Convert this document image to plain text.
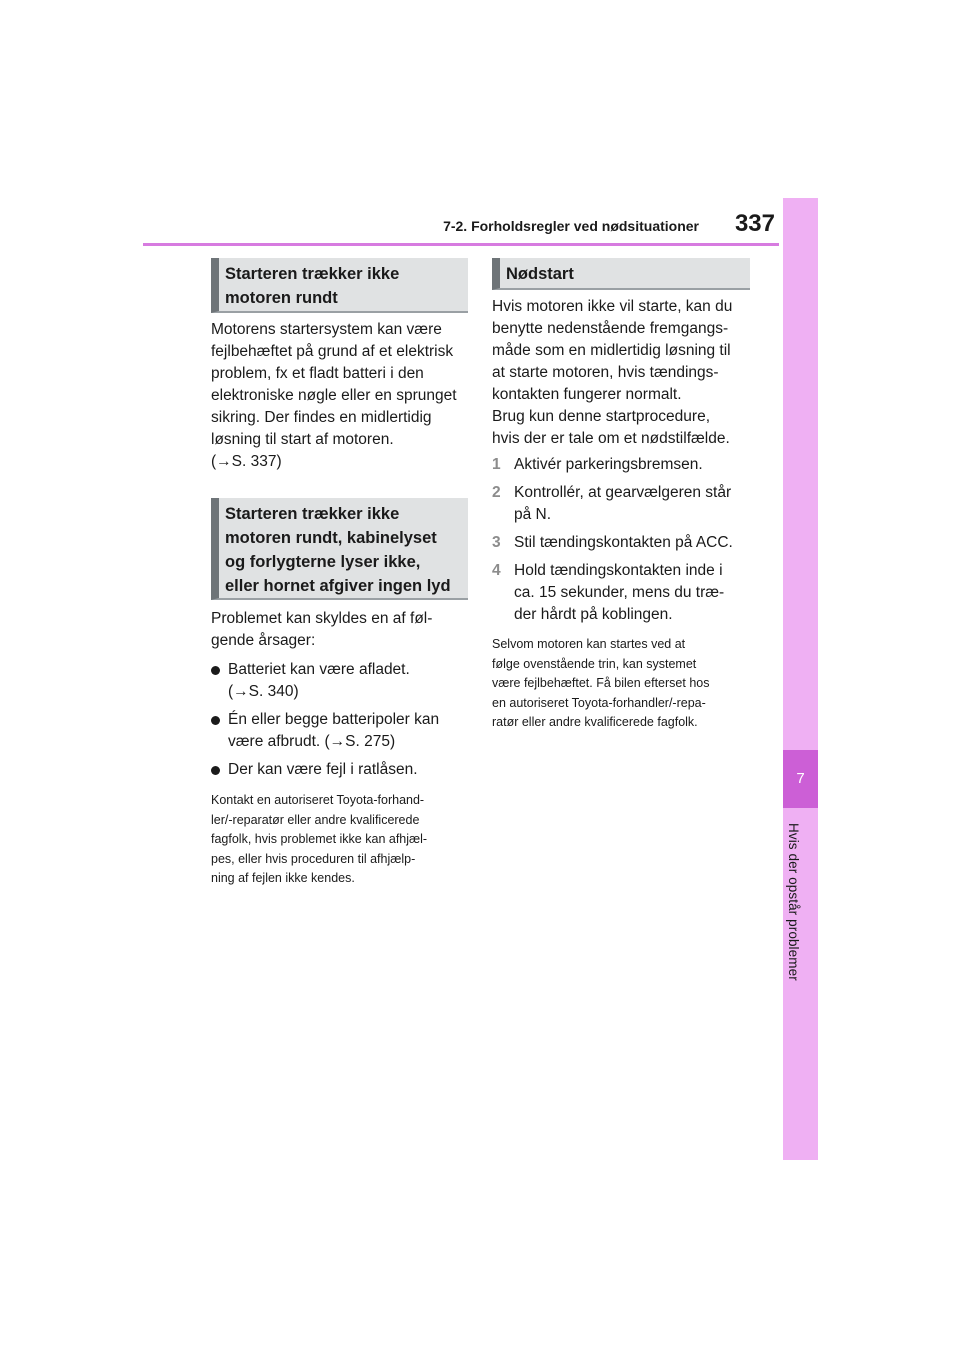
7-2. Forholdsregler ved nødsituationer 337
7
Hvis der opstår problemer
Starteren trækker ikke
motoren rundt
Motorens startersystem kan være
fejlbehæftet på grund af et elektrisk
problem, fx et fladt batteri i den
elektroniske nøgle eller en sprunget
sikring. Der findes en midlertidig
løsning til start af motoren.
(→S. 337)
Starteren trækker ikke
motoren rundt, kabinelyset
og forlygterne lyser ikke,
eller hornet afgiver ingen lyd
Problemet kan skyldes en af føl-
gende årsager:
Batteriet kan være afladet.
(→S. 340)
Én eller begge batteripoler kan
være afbrudt. (→S. 275)
Der kan være fejl i ratlåsen.
Kontakt en autoriseret Toyota-forhand-
ler/-reparatør eller andre kvalificerede
fagfolk, hvis problemet ikke kan afhjæl-
pes, eller hvis proceduren til afhjælp-
ning af fejlen ikke kendes.
Nødstart
Hvis motoren ikke vil starte, kan du
benytte nedenstående fremgangs-
måde som en midlertidig løsning til
at starte motoren, hvis tændings-
kontakten fungerer normalt.
Brug kun denne startprocedure,
hvis der er tale om et nødstilfælde.
1 Aktivér parkeringsbremsen.
2 Kontrollér, at gearvælgeren står
på N.
3 Stil tændingskontakten på ACC.
4 Hold tændingskontakten inde i
ca. 15 sekunder, mens du træ-
der hårdt på koblingen.
Selvom motoren kan startes ved at
følge ovenstående trin, kan systemet
være fejlbehæftet. Få bilen efterset hos
en autoriseret Toyota-forhandler/-repa-
ratør eller andre kvalificerede fagfolk.
